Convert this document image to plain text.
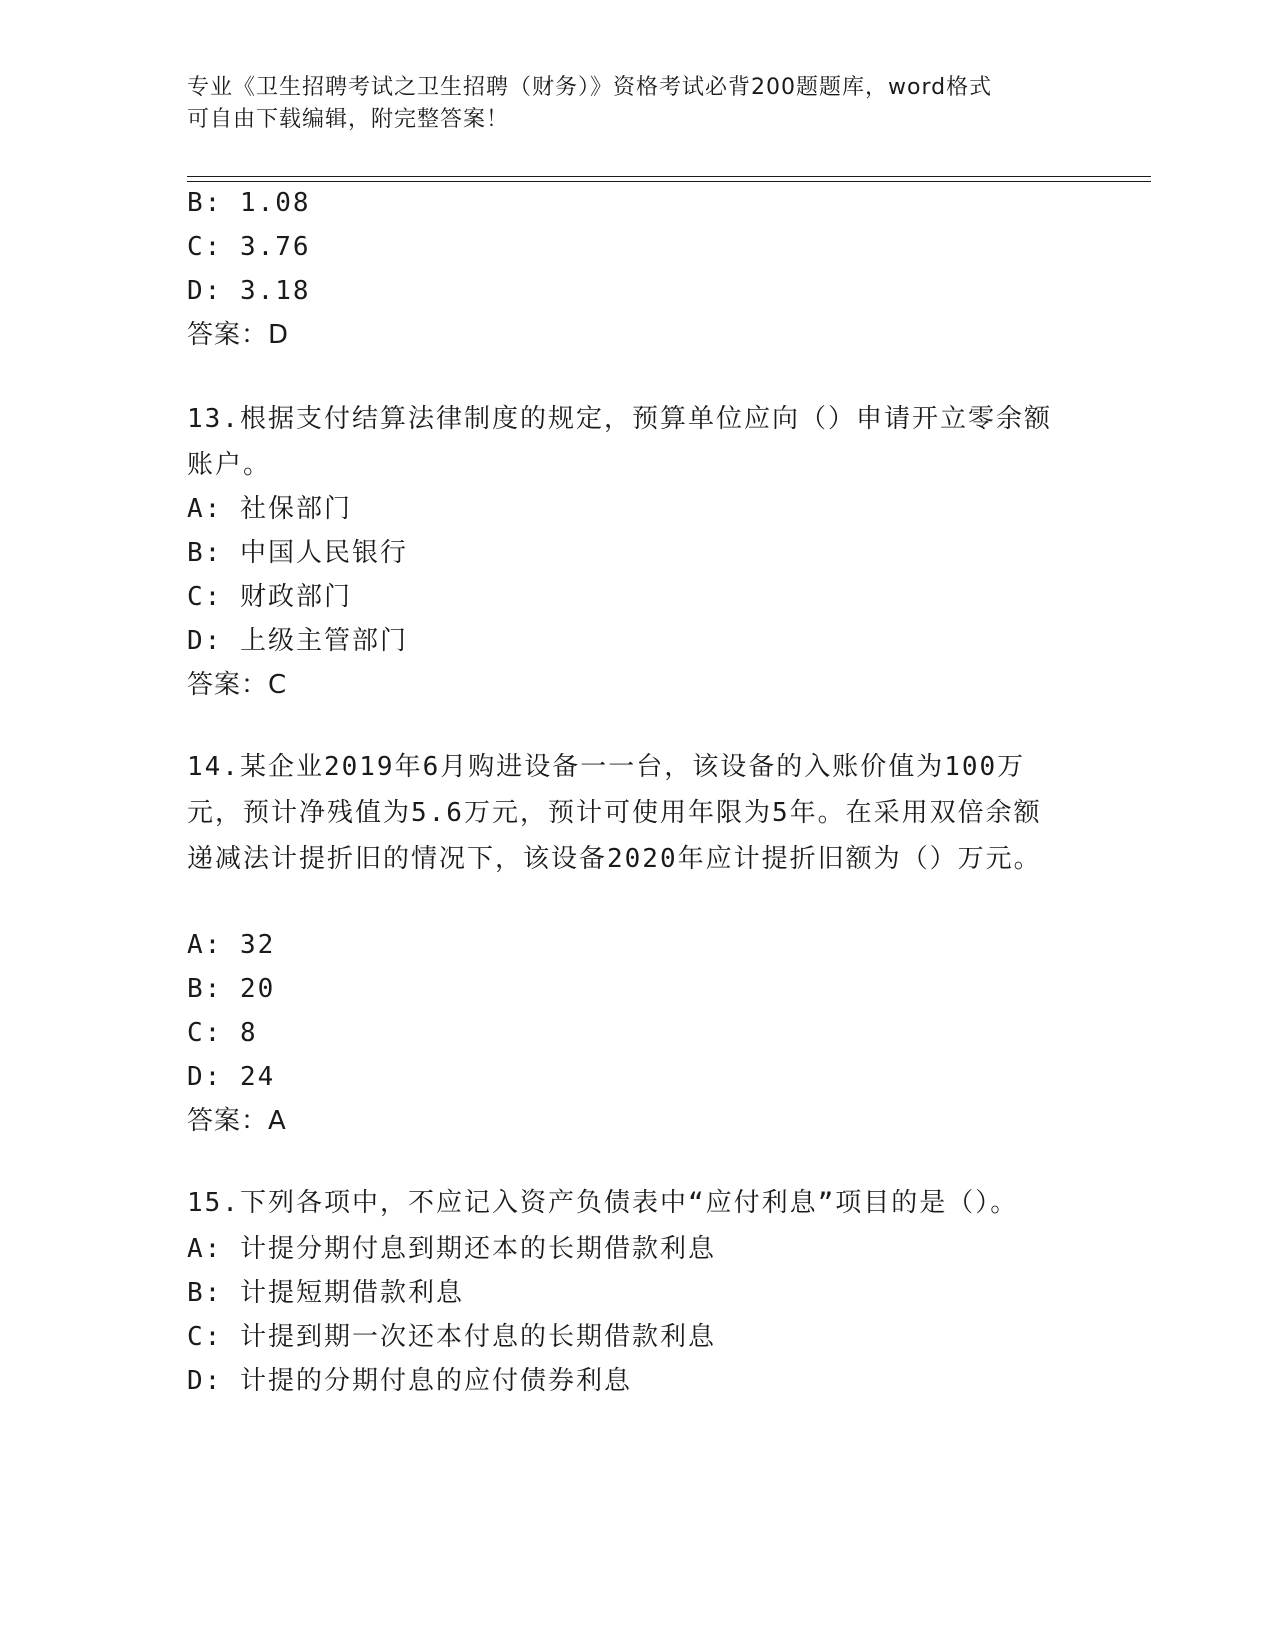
专业《卫生招聘考试之卫生招聘（财务）》资格考试必背200题题库，word格式
可自由下载编辑，附完整答案！
B: 1.08
C: 3.76
D: 3.18
答案：D
13.根据支付结算法律制度的规定，预算单位应向（）申请开立零余额账户。
A: 社保部门
B: 中国人民银行
C: 财政部门
D: 上级主管部门
答案：C
14.某企业2019年6月购进设备一一台，该设备的入账价值为100万元，预计净残值为5.6万元，预计可使用年限为5年。在采用双倍余额递减法计提折旧的情况下，该设备2020年应计提折旧额为（）万元。
A: 32
B: 20
C: 8
D: 24
答案：A
15.下列各项中，不应记入资产负债表中“应付利息”项目的是（）。
A: 计提分期付息到期还本的长期借款利息
B: 计提短期借款利息
C: 计提到期一次还本付息的长期借款利息
D: 计提的分期付息的应付债券利息
